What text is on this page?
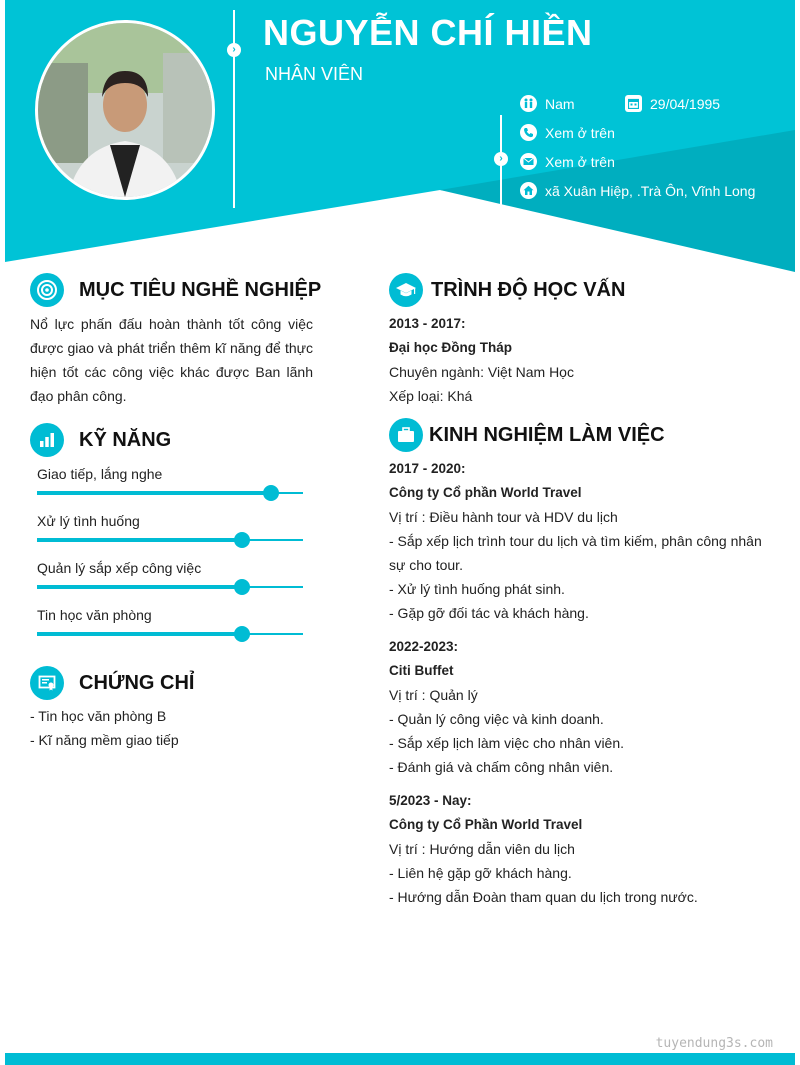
› NGUYỄN CHÍ HIỀN
NHÂN VIÊN
›
Nam	29/04/1995
Xem ở trên
Xem ở trên
xã Xuân Hiệp, .Trà Ôn, Vĩnh Long
MỤC TIÊU NGHỀ NGHIỆP
Nổ lực phấn đấu hoàn thành tốt công việc được giao và phát triển thêm kĩ năng để thực hiện tốt các công việc khác được Ban lãnh đạo phân công.
KỸ NĂNG
Giao tiếp, lắng nghe
Xử lý tình huống
Quản lý sắp xếp công việc
Tin học văn phòng
CHỨNG CHỈ
- Tin học văn phòng B
- Kĩ năng mềm giao tiếp
TRÌNH ĐỘ HỌC VẤN
2013 - 2017:
Đại học Đồng Tháp
Chuyên ngành: Việt Nam Học
Xếp loại: Khá
KINH NGHIỆM LÀM VIỆC
2017 - 2020:
Công ty Cổ phần World Travel
Vị trí : Điều hành tour và HDV du lịch
- Sắp xếp lịch trình tour du lịch và tìm kiếm, phân công nhân
sự cho tour.
- Xử lý tình huống phát sinh.
- Gặp gỡ đối tác và khách hàng.
2022-2023:
Citi Buffet
Vị trí : Quản lý
- Quản lý công việc và kinh doanh.
- Sắp xếp lịch làm việc cho nhân viên.
- Đánh giá và chấm công nhân viên.
5/2023 - Nay:
Công ty Cổ Phần World Travel
Vị trí : Hướng dẫn viên du lịch
- Liên hệ gặp gỡ khách hàng.
- Hướng dẫn Đoàn tham quan du lịch trong nước.
tuyendung3s.com
